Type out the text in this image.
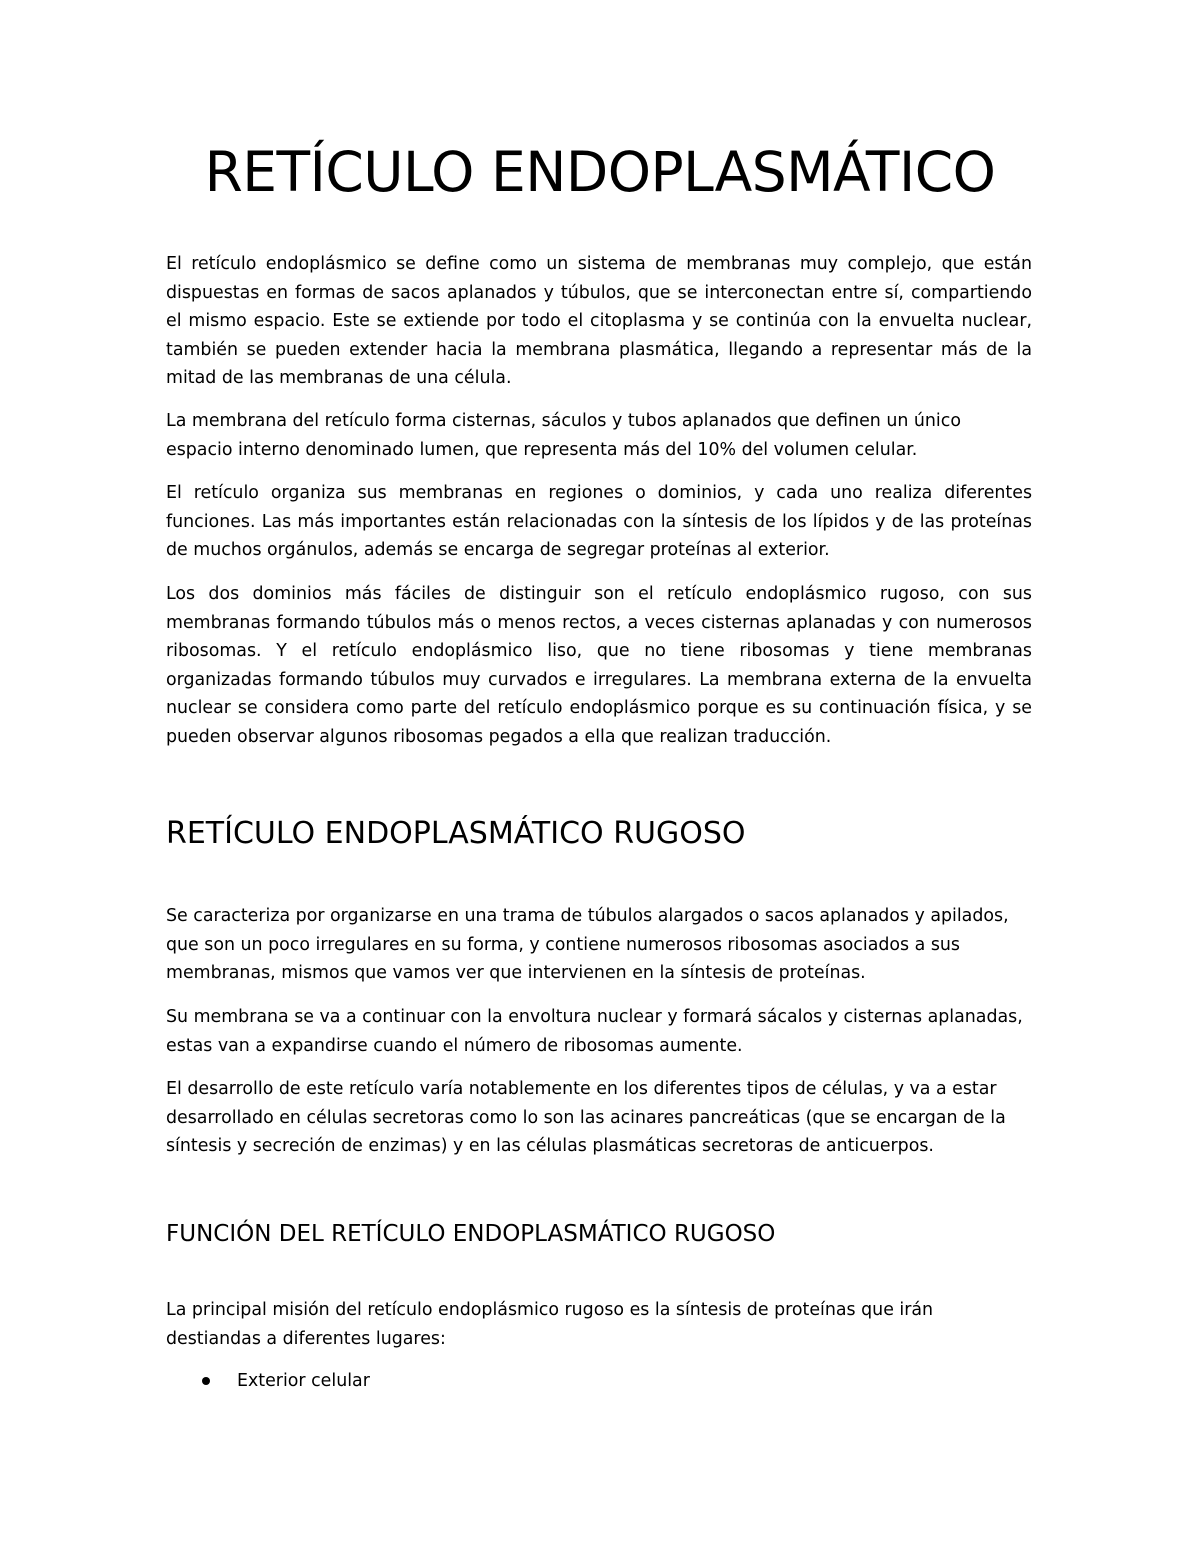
RETÍCULO ENDOPLASMÁTICO

El retículo endoplásmico se define como un sistema de membranas muy complejo, que están dispuestas en formas de sacos aplanados y túbulos, que se interconectan entre sí, compartiendo el mismo espacio. Este se extiende por todo el citoplasma y se continúa con la envuelta nuclear, también se pueden extender hacia la membrana plasmática, llegando a representar más de la mitad de las membranas de una célula.

La membrana del retículo forma cisternas, sáculos y tubos aplanados que definen un único espacio interno denominado lumen, que representa más del 10% del volumen celular.

El retículo organiza sus membranas en regiones o dominios, y cada uno realiza diferentes funciones. Las más importantes están relacionadas con la síntesis de los lípidos y de las proteínas de muchos orgánulos, además se encarga de segregar proteínas al exterior.

Los dos dominios más fáciles de distinguir son el retículo endoplásmico rugoso, con sus membranas formando túbulos más o menos rectos, a veces cisternas aplanadas y con numerosos ribosomas. Y el retículo endoplásmico liso, que no tiene ribosomas y tiene membranas organizadas formando túbulos muy curvados e irregulares. La membrana externa de la envuelta nuclear se considera como parte del retículo endoplásmico porque es su continuación física, y se pueden observar algunos ribosomas pegados a ella que realizan traducción.

RETÍCULO ENDOPLASMÁTICO RUGOSO

Se caracteriza por organizarse en una trama de túbulos alargados o sacos aplanados y apilados, que son un poco irregulares en su forma, y contiene numerosos ribosomas asociados a sus membranas, mismos que vamos ver que intervienen en la síntesis de proteínas.

Su membrana se va a continuar con la envoltura nuclear y formará sácalos y cisternas aplanadas, estas van a expandirse cuando el número de ribosomas aumente.

El desarrollo de este retículo varía notablemente en los diferentes tipos de células, y va a estar desarrollado en células secretoras como lo son las acinares pancreáticas (que se encargan de la síntesis y secreción de enzimas) y en las células plasmáticas secretoras de anticuerpos.

FUNCIÓN DEL RETÍCULO ENDOPLASMÁTICO RUGOSO

La principal misión del retículo endoplásmico rugoso es la síntesis de proteínas que irán destiandas a diferentes lugares:

Exterior celular
